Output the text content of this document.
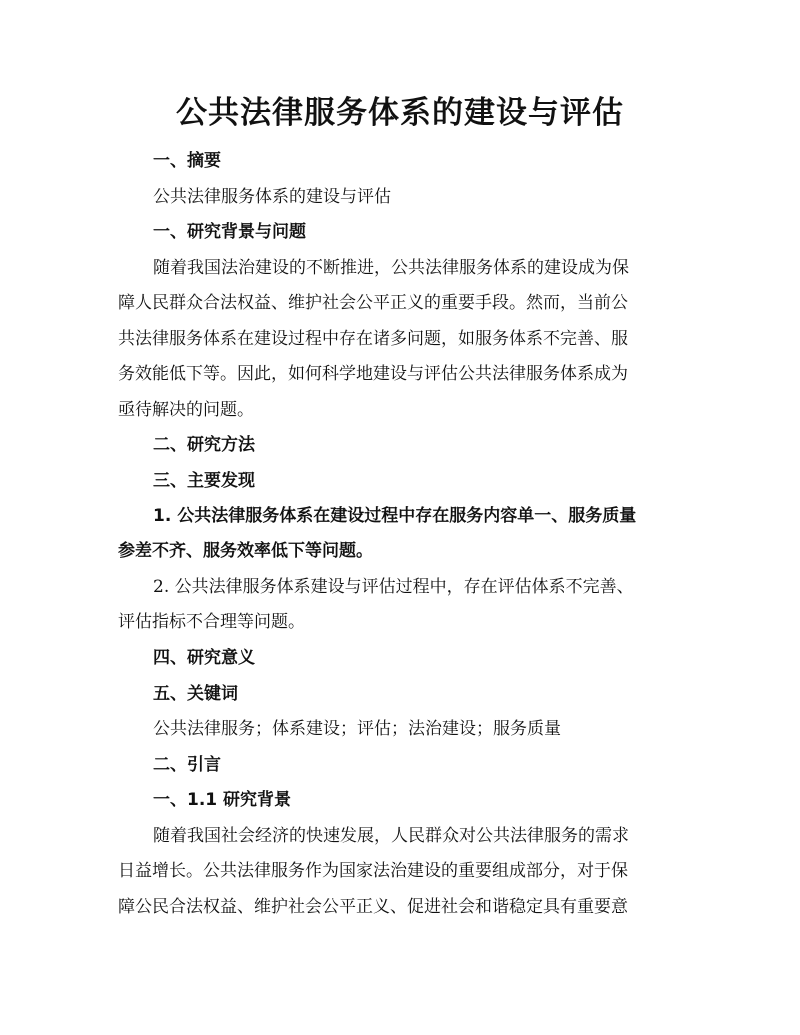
公共法律服务体系的建设与评估
一、摘要
公共法律服务体系的建设与评估
一、研究背景与问题
随着我国法治建设的不断推进，公共法律服务体系的建设成为保
障人民群众合法权益、维护社会公平正义的重要手段。然而，当前公
共法律服务体系在建设过程中存在诸多问题，如服务体系不完善、服
务效能低下等。因此，如何科学地建设与评估公共法律服务体系成为
亟待解决的问题。
二、研究方法
三、主要发现
1. 公共法律服务体系在建设过程中存在服务内容单一、服务质量
参差不齐、服务效率低下等问题。
2. 公共法律服务体系建设与评估过程中，存在评估体系不完善、
评估指标不合理等问题。
四、研究意义
五、关键词
公共法律服务；体系建设；评估；法治建设；服务质量
二、引言
一、1.1 研究背景
随着我国社会经济的快速发展，人民群众对公共法律服务的需求
日益增长。公共法律服务作为国家法治建设的重要组成部分，对于保
障公民合法权益、维护社会公平正义、促进社会和谐稳定具有重要意
